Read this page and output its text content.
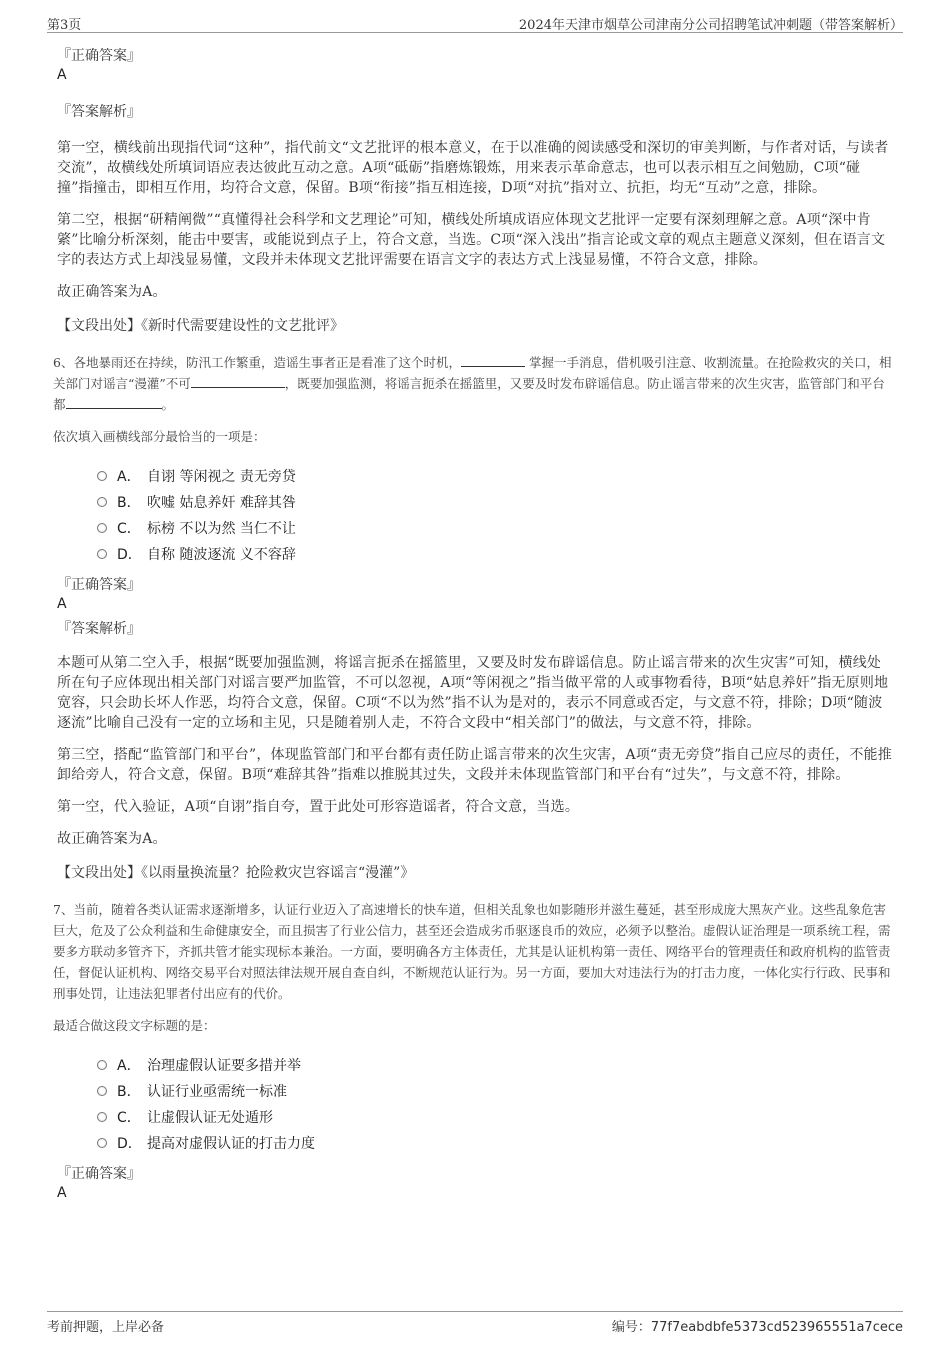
第3页	2024年天津市烟草公司津南分公司招聘笔试冲刺题（带答案解析）
『正确答案』
A
『答案解析』

第一空，横线前出现指代词“这种”，指代前文“文艺批评的根本意义，在于以准确的阅读感受和深切的审美判断，与作者对话，与读者交流”，故横线处所填词语应表达彼此互动之意。A项“砥砺”指磨炼锻炼，用来表示革命意志，也可以表示相互之间勉励，C项“碰撞”指撞击，即相互作用，均符合文意，保留。B项“衔接”指互相连接，D项“对抗”指对立、抗拒，均无“互动”之意，排除。

第二空，根据“研精阐微”“真懂得社会科学和文艺理论”可知，横线处所填成语应体现文艺批评一定要有深刻理解之意。A项“深中肯綮”比喻分析深刻，能击中要害，或能说到点子上，符合文意，当选。C项“深入浅出”指言论或文章的观点主题意义深刻，但在语言文字的表达方式上却浅显易懂，文段并未体现文艺批评需要在语言文字的表达方式上浅显易懂，不符合文意，排除。

故正确答案为A。

【文段出处】《新时代需要建设性的文艺批评》

6、各地暴雨还在持续，防汛工作繁重，造谣生事者正是看准了这个时机，	掌握一手消息，借机吸引注意、收割流量。在抢险救灾的关口，相关部门对谣言“漫灌”不可	，既要加强监测，将谣言扼杀在摇篮里，又要及时发布辟谣信息。防止谣言带来的次生灾害，监管部门和平台都	。
依次填入画横线部分最恰当的一项是：
A． 自诩 等闲视之 责无旁贷
B． 吹嘘 姑息养奸 难辞其咎
C． 标榜 不以为然 当仁不让
D． 自称 随波逐流 义不容辞
『正确答案』
A
『答案解析』

本题可从第二空入手，根据“既要加强监测，将谣言扼杀在摇篮里，又要及时发布辟谣信息。防止谣言带来的次生灾害”可知，横线处所在句子应体现出相关部门对谣言要严加监管，不可以忽视，A项“等闲视之”指当做平常的人或事物看待，B项“姑息养奸”指无原则地宽容，只会助长坏人作恶，均符合文意，保留。C项“不以为然”指不认为是对的，表示不同意或否定，与文意不符，排除；D项“随波逐流”比喻自己没有一定的立场和主见，只是随着别人走，不符合文段中“相关部门”的做法，与文意不符，排除。

第三空，搭配“监管部门和平台”，体现监管部门和平台都有责任防止谣言带来的次生灾害，A项“责无旁贷”指自己应尽的责任，不能推卸给旁人，符合文意，保留。B项“难辞其咎”指难以推脱其过失，文段并未体现监管部门和平台有“过失”，与文意不符，排除。

第一空，代入验证，A项“自诩”指自夸，置于此处可形容造谣者，符合文意，当选。

故正确答案为A。

【文段出处】《以雨量换流量？抢险救灾岂容谣言“漫灌”》

7、当前，随着各类认证需求逐渐增多，认证行业迈入了高速增长的快车道，但相关乱象也如影随形并滋生蔓延，甚至形成庞大黑灰产业。这些乱象危害巨大，危及了公众利益和生命健康安全，而且损害了行业公信力，甚至还会造成劣币驱逐良币的效应，必须予以整治。虚假认证治理是一项系统工程，需要多方联动多管齐下，齐抓共管才能实现标本兼治。一方面，要明确各方主体责任，尤其是认证机构第一责任、网络平台的管理责任和政府机构的监管责任，督促认证机构、网络交易平台对照法律法规开展自查自纠，不断规范认证行为。另一方面，要加大对违法行为的打击力度，一体化实行行政、民事和刑事处罚，让违法犯罪者付出应有的代价。
最适合做这段文字标题的是：
A． 治理虚假认证要多措并举
B． 认证行业亟需统一标准
C． 让虚假认证无处遁形
D． 提高对虚假认证的打击力度
『正确答案』
A
考前押题，上岸必备	编号：77f7eabdbfe5373cd523965551a7cece
